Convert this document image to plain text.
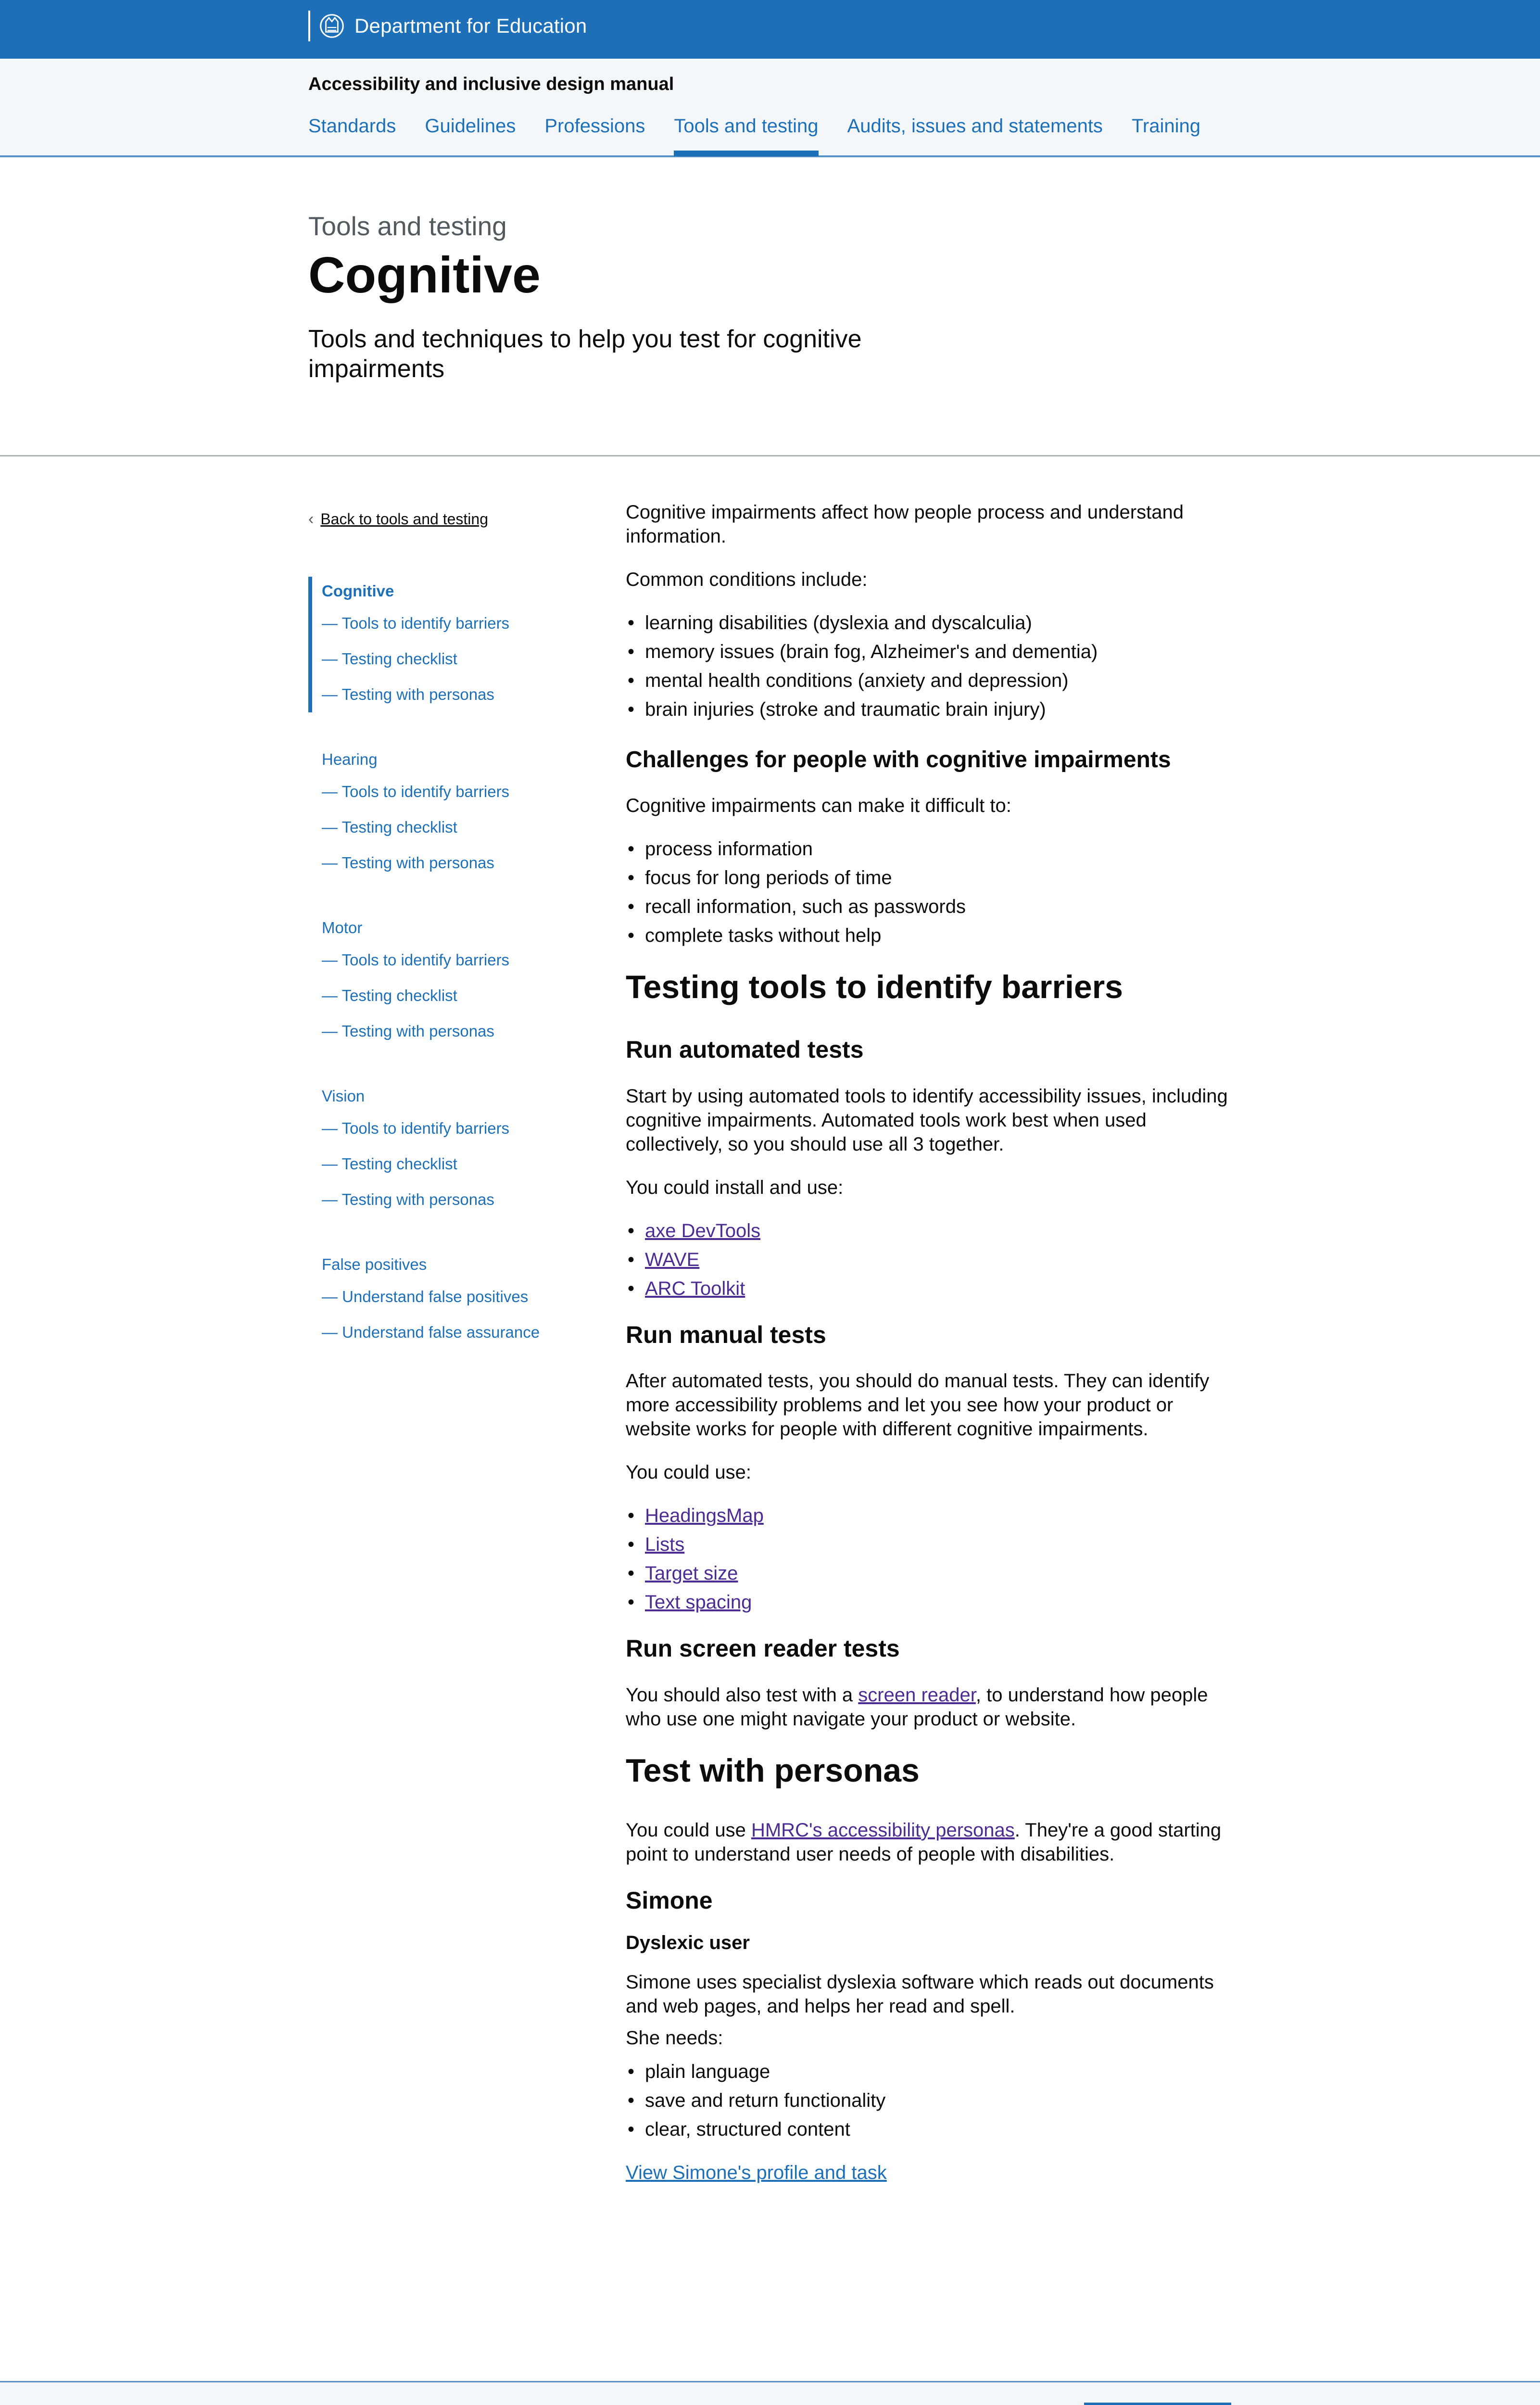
Department for Education
Accessibility and inclusive design manual
Standards Guidelines Professions Tools and testing Audits, issues and statements Training
Tools and testing
Cognitive

Tools and techniques to help you test for cognitive impairments

‹ Back to tools and testing
Cognitive
— Tools to identify barriers
— Testing checklist
— Testing with personas
Hearing
— Tools to identify barriers
— Testing checklist
— Testing with personas
Motor
— Tools to identify barriers
— Testing checklist
— Testing with personas
Vision
— Tools to identify barriers
— Testing checklist
— Testing with personas
False positives
— Understand false positives
— Understand false assurance

Cognitive impairments affect how people process and understand information.

Common conditions include:

• learning disabilities (dyslexia and dyscalculia)
• memory issues (brain fog, Alzheimer's and dementia)
• mental health conditions (anxiety and depression)
• brain injuries (stroke and traumatic brain injury)
Challenges for people with cognitive impairments

Cognitive impairments can make it difficult to:

• process information
• focus for long periods of time
• recall information, such as passwords
• complete tasks without help
Testing tools to identify barriers
Run automated tests

Start by using automated tools to identify accessibility issues, including cognitive impairments. Automated tools work best when used collectively, so you should use all 3 together.

You could install and use:

• axe DevTools
• WAVE
• ARC Toolkit
Run manual tests

After automated tests, you should do manual tests. They can identify more accessibility problems and let you see how your product or website works for people with different cognitive impairments.

You could use:

• HeadingsMap
• Lists
• Target size
• Text spacing
Run screen reader tests

You should also test with a screen reader, to understand how people who use one might navigate your product or website.

Test with personas

You could use HMRC's accessibility personas. They're a good starting point to understand user needs of people with disabilities.

Simone
Dyslexic user

Simone uses specialist dyslexia software which reads out documents and web pages, and helps her read and spell.

She needs:

• plain language
• save and return functionality
• clear, structured content
View Simone's profile and task
